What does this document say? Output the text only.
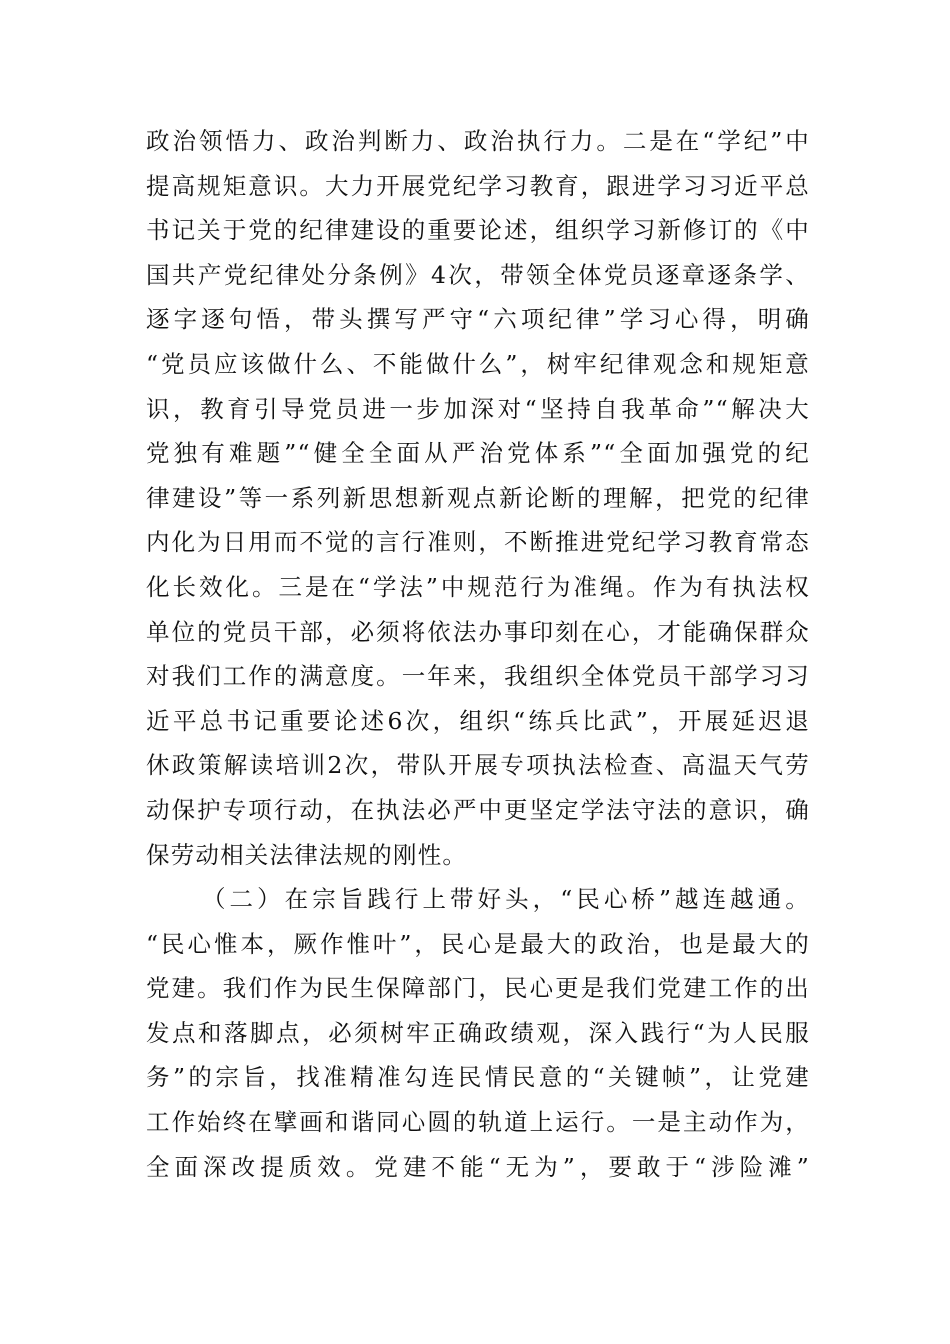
政治领悟力、政治判断力、政治执行力。二是在“学纪”中
提高规矩意识。大力开展党纪学习教育，跟进学习习近平总
书记关于党的纪律建设的重要论述，组织学习新修订的《中
国共产党纪律处分条例》4次，带领全体党员逐章逐条学、
逐字逐句悟，带头撰写严守“六项纪律”学习心得，明确
“党员应该做什么、不能做什么”，树牢纪律观念和规矩意
识，教育引导党员进一步加深对“坚持自我革命”“解决大
党独有难题”“健全全面从严治党体系”“全面加强党的纪
律建设”等一系列新思想新观点新论断的理解，把党的纪律
内化为日用而不觉的言行准则，不断推进党纪学习教育常态
化长效化。三是在“学法”中规范行为准绳。作为有执法权
单位的党员干部，必须将依法办事印刻在心，才能确保群众
对我们工作的满意度。一年来，我组织全体党员干部学习习
近平总书记重要论述6次，组织“练兵比武”，开展延迟退
休政策解读培训2次，带队开展专项执法检查、高温天气劳
动保护专项行动，在执法必严中更坚定学法守法的意识，确
保劳动相关法律法规的刚性。
（二）在宗旨践行上带好头，“民心桥”越连越通。
“民心惟本，厥作惟叶”，民心是最大的政治，也是最大的
党建。我们作为民生保障部门，民心更是我们党建工作的出
发点和落脚点，必须树牢正确政绩观，深入践行“为人民服
务”的宗旨，找准精准勾连民情民意的“关键帧”，让党建
工作始终在擘画和谐同心圆的轨道上运行。一是主动作为，
全面深改提质效。党建不能“无为”，要敢于“涉险滩”
